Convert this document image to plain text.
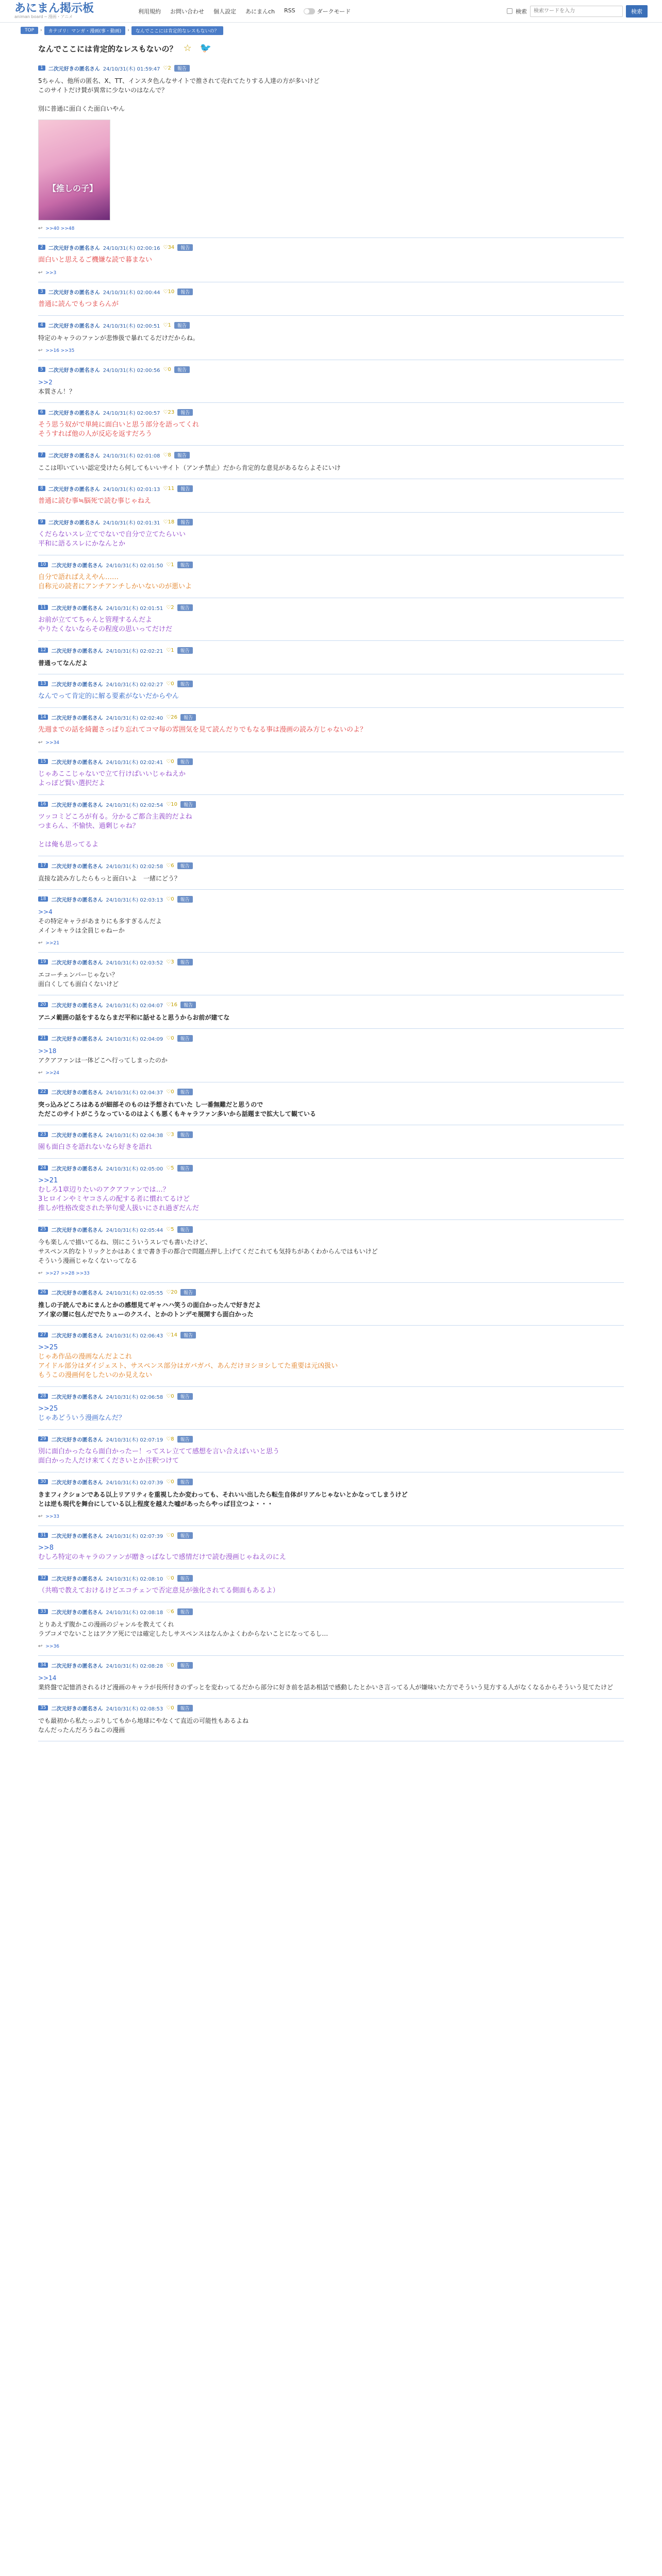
あにまん掲示板
animan board ─ 漫画・アニメ
利用規約 お問い合わせ 個人設定 あにまんch RSS	ダークモード	検索
検索ワードを入力	検索
TOP	›	カテゴリ：マンガ・漫画(事・動画)	›	なんでここには肯定的なレスもないの？
なんでここには肯定的なレスもないの？ ☆ 🐦
1	二次元好きの匿名さん 24/10/31(木) 01:59:47 ♡2	報告
5ちゃん、他所の匿名、X、TT、インスタ色んなサイトで推されて売れてたりする人達の方が多いけど
このサイトだけ賛が異常に少ないのはなんで？
別に普通に面白くた面白いやん
【推しの子】
↩ >>40 >>48
2	二次元好きの匿名さん 24/10/31(木) 02:00:16 ♡34	報告
面白いと思えるご機嫌な読で暮まない
↩ >>3
3	二次元好きの匿名さん 24/10/31(木) 02:00:44 ♡10	報告
普通に読んでもつまらんが
4	二次元好きの匿名さん 24/10/31(木) 02:00:51 ♡1	報告
特定のキャラのファンが悲惨扱で暴れてるだけだからね。
↩ >>16 >>35
5	二次元好きの匿名さん 24/10/31(木) 02:00:56 ♡0	報告
>>2
本質さん！？
6	二次元好きの匿名さん 24/10/31(木) 02:00:57 ♡23	報告
そう思う奴がで単純に面白いと思う部分を語ってくれ
そうすれば他の人が反応を返すだろう
7	二次元好きの匿名さん 24/10/31(木) 02:01:08 ♡8	報告
ここは叩いていい認定受けたら何してもいいサイト（アンチ禁止）だから肯定的な意見があるならよそにいけ
8	二次元好きの匿名さん 24/10/31(木) 02:01:13 ♡11	報告
普通に読む事≒脳死で読む事じゃねえ
9	二次元好きの匿名さん 24/10/31(木) 02:01:31 ♡18	報告
くだらないスレ立てでないで自分で立てたらいい
平和に語るスレにかなんとか
10	二次元好きの匿名さん 24/10/31(木) 02:01:50 ♡1	報告
自分で語ればええやん……
自称元の読者にアンチアンチしかいないのが悪いよ
11	二次元好きの匿名さん 24/10/31(木) 02:01:51 ♡2	報告
お前が立ててちゃんと管理するんだよ
やりたくないならその程度の思いってだけだ
12	二次元好きの匿名さん 24/10/31(木) 02:02:21 ♡1	報告
普通ってなんだよ
13	二次元好きの匿名さん 24/10/31(木) 02:02:27 ♡0	報告
なんでって肯定的に解る要素がないだからやん
14	二次元好きの匿名さん 24/10/31(木) 02:02:40 ♡26	報告
先週までの話を綺麗さっぱり忘れてコマ毎の雰囲気を見て読んだりでもなる事は漫画の読み方じゃないのよ？
↩ >>34
15	二次元好きの匿名さん 24/10/31(木) 02:02:41 ♡0	報告
じゃあここじゃないで立て行けばいいじゃねえか
よっぽど賢い選択だよ
16	二次元好きの匿名さん 24/10/31(木) 02:02:54 ♡10	報告
ツッコミどころが有る。分かるご都合主義的だよね
つまらん、不愉快、過剰じゃね？
とは俺も思ってるよ
17	二次元好きの匿名さん 24/10/31(木) 02:02:58 ♡6	報告
直接な読み方したらもっと面白いよ　一緒にどう？
18	二次元好きの匿名さん 24/10/31(木) 02:03:13 ♡0	報告
>>4
その特定キャラがあまりにも多すぎるんだよ
メインキャラは全員じゃねーか
↩ >>21
19	二次元好きの匿名さん 24/10/31(木) 02:03:52 ♡3	報告
エコーチェンバーじゃない？
面白くしても面白くないけど
20	二次元好きの匿名さん 24/10/31(木) 02:04:07 ♡16	報告
アニメ範囲の話をするならまだ平和に話せると思うからお前が建てな
21	二次元好きの匿名さん 24/10/31(木) 02:04:09 ♡0	報告
>>18
アクアファンは一体どこへ行ってしまったのか
↩ >>24
22	二次元好きの匿名さん 24/10/31(木) 02:04:37 ♡0	報告
突っ込みどころはあるが細部そのものは予想されていた し一番無難だと思うので
ただこのサイトがこうなっているのはよくも悪くもキャラファン多いから話題まで拡大して観ている
23	二次元好きの匿名さん 24/10/31(木) 02:04:38 ♡3	報告
園も面白さを語れないなら好きを語れ
24	二次元好きの匿名さん 24/10/31(木) 02:05:00 ♡5	報告
>>21
むしろ1章辺りたいのアクアファンでは…？
3ヒロインやミヤコさんの配する者に慣れてるけど
推しが性格改変された挙句愛人扱いにされ過ぎだんだ
25	二次元好きの匿名さん 24/10/31(木) 02:05:44 ♡5	報告
今も楽しんで描いてるね、別にこういうスレでも書いたけど、
サスペンス的なトリックとかはあくまで書き手の都合で問題点押し上げてくだこれても気持ちがあくわからんではもいけど
そういう漫画じゃなくないってなる
↩ >>27 >>28 >>33
26	二次元好きの匿名さん 24/10/31(木) 02:05:55 ♡20	報告
推しの子読んであにまんとかの感想見てギャハハ笑うの面白かったんで好きだよ
アイ家の闇に包んだでたりューのクスイ、とかのトンデモ展開すら面白かった
27	二次元好きの匿名さん 24/10/31(木) 02:06:43 ♡14	報告
>>25
じゃあ作品の漫画なんだよこれ
アイドル部分はダイジェスト、サスペンス部分はガバガバ、あんだけヨシヨシしてた重要は元凶扱い
もうこの漫画何をしたいのか見えない
28	二次元好きの匿名さん 24/10/31(木) 02:06:58 ♡0	報告
>>25
じゃあどういう漫画なんだ？
29	二次元好きの匿名さん 24/10/31(木) 02:07:19 ♡8	報告
別に面白かったなら面白かったー！ってスレ立てて感想を言い合えばいいと思う
面白かった人だけ来てくださいとか注釈つけて
30	二次元好きの匿名さん 24/10/31(木) 02:07:39 ♡0	報告
きまフィクションである以上リアリティを重視したか変わっても、それいい出したら転生自体がリアルじゃないとかなってしまうけど
とは逆も現代を舞台にしている以上程度を越えた嘘があったらやっぱ目立つよ・・・
↩ >>33
31	二次元好きの匿名さん 24/10/31(木) 02:07:39 ♡0	報告
>>8
むしろ特定のキャラのファンが贈きっぱなしで感情だけで読む漫画じゃねえのにえ
32	二次元好きの匿名さん 24/10/31(木) 02:08:10 ♡0	報告
（共鳴で教えておけるけどエコチェンで否定意見が強化されてる側面もあるよ）
33	二次元好きの匿名さん 24/10/31(木) 02:08:18 ♡6	報告
とりあえず腹かこの漫画のジャンルを教えてくれ
ラブコメでないことはアクア死にでは確定したしサスペンスはなんかよくわからないことになってるし…
↩ >>36
34	二次元好きの匿名さん 24/10/31(木) 02:08:28 ♡0	報告
>>14
業終盤で記憶消されるけど漫画のキャラが長所付きのずっとを変わってるだから部分に好き前を話あ相話で感動したとかいさ言ってる人が嫌味いた方でそういう見方する人がなくなるからそういう見てたけど
35	二次元好きの匿名さん 24/10/31(木) 02:08:53 ♡0	報告
でも最初から私たっぷりしてもから地球にやなくて直近の可能性もあるよね
なんだったんだろうねこの漫画
